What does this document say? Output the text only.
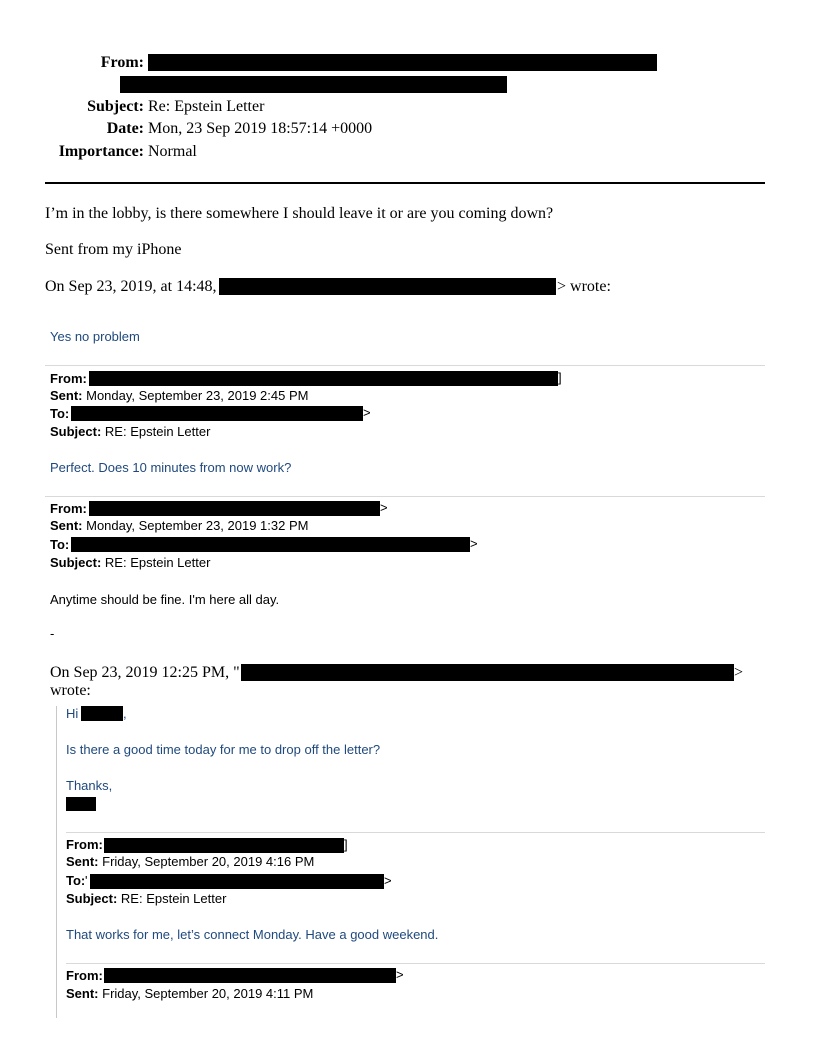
From:
Subject: Re: Epstein Letter
Date: Mon, 23 Sep 2019 18:57:14 +0000
Importance: Normal
I’m in the lobby, is there somewhere I should leave it or are you coming down?
Sent from my iPhone
On Sep 23, 2019, at 14:48,	> wrote:
Yes no problem
From:	]
Sent: Monday, September 23, 2019 2:45 PM
To:	>
Subject: RE: Epstein Letter
Perfect. Does 10 minutes from now work?
From:	>
Sent: Monday, September 23, 2019 1:32 PM
To:	>
Subject: RE: Epstein Letter
Anytime should be fine. I'm here all day.
-
On Sep 23, 2019 12:25 PM, "	>
wrote:
Hi	,
Is there a good time today for me to drop off the letter?
Thanks,
From:	]
Sent: Friday, September 20, 2019 4:16 PM
To: '	>
Subject: RE: Epstein Letter
That works for me, let’s connect Monday. Have a good weekend.
From:	>
Sent: Friday, September 20, 2019 4:11 PM
